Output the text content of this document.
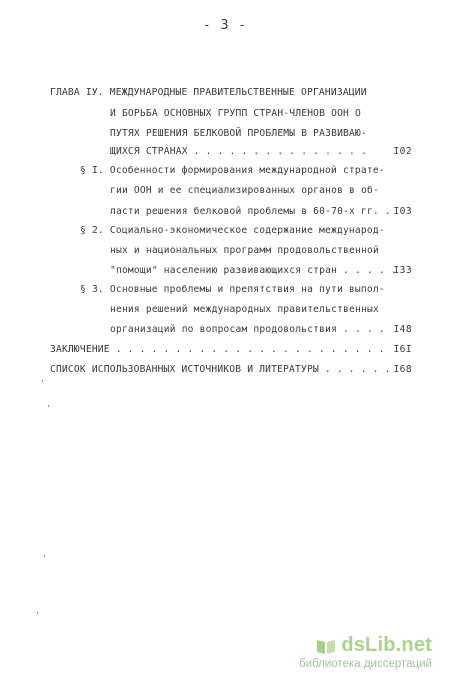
- 3 -
ГЛАВА IУ. МЕЖДУНАРОДНЫЕ ПРАВИТЕЛЬСТВЕННЫЕ ОРГАНИЗАЦИИ
И БОРЬБА ОСНОВНЫХ ГРУПП СТРАН-ЧЛЕНОВ ООН О
ПУТЯХ РЕШЕНИЯ БЕЛКОВОЙ ПРОБЛЕМЫ В РАЗВИВАЮ-
ЩИХСЯ СТРАНАХ . . . . . . . . . . . . . . .	I02
§ I. Особенности формирования международной страте-
гии ООН и ее специализированных органов в об-
ласти решения белковой проблемы в 60-70-х гг. . I03
§ 2. Социально-экономическое содержание международ-
ных и национальных программ продовольственной
"помощи" населению развивающихся стран . . . . .
I33
§ 3. Основные проблемы и препятствия на пути выпол-
нения решений международных правительственных
организаций по вопросам продовольствия . . . . I48
ЗАКЛЮЧЕНИЕ . . . . . . . . . . . . . . . . . . . . . . . I6I
СПИСОК ИСПОЛЬЗОВАННЫХ ИСТОЧНИКОВ И ЛИТЕРАТУРЫ . . . . . . I68
dsLib.net
библиотека диссертаций
